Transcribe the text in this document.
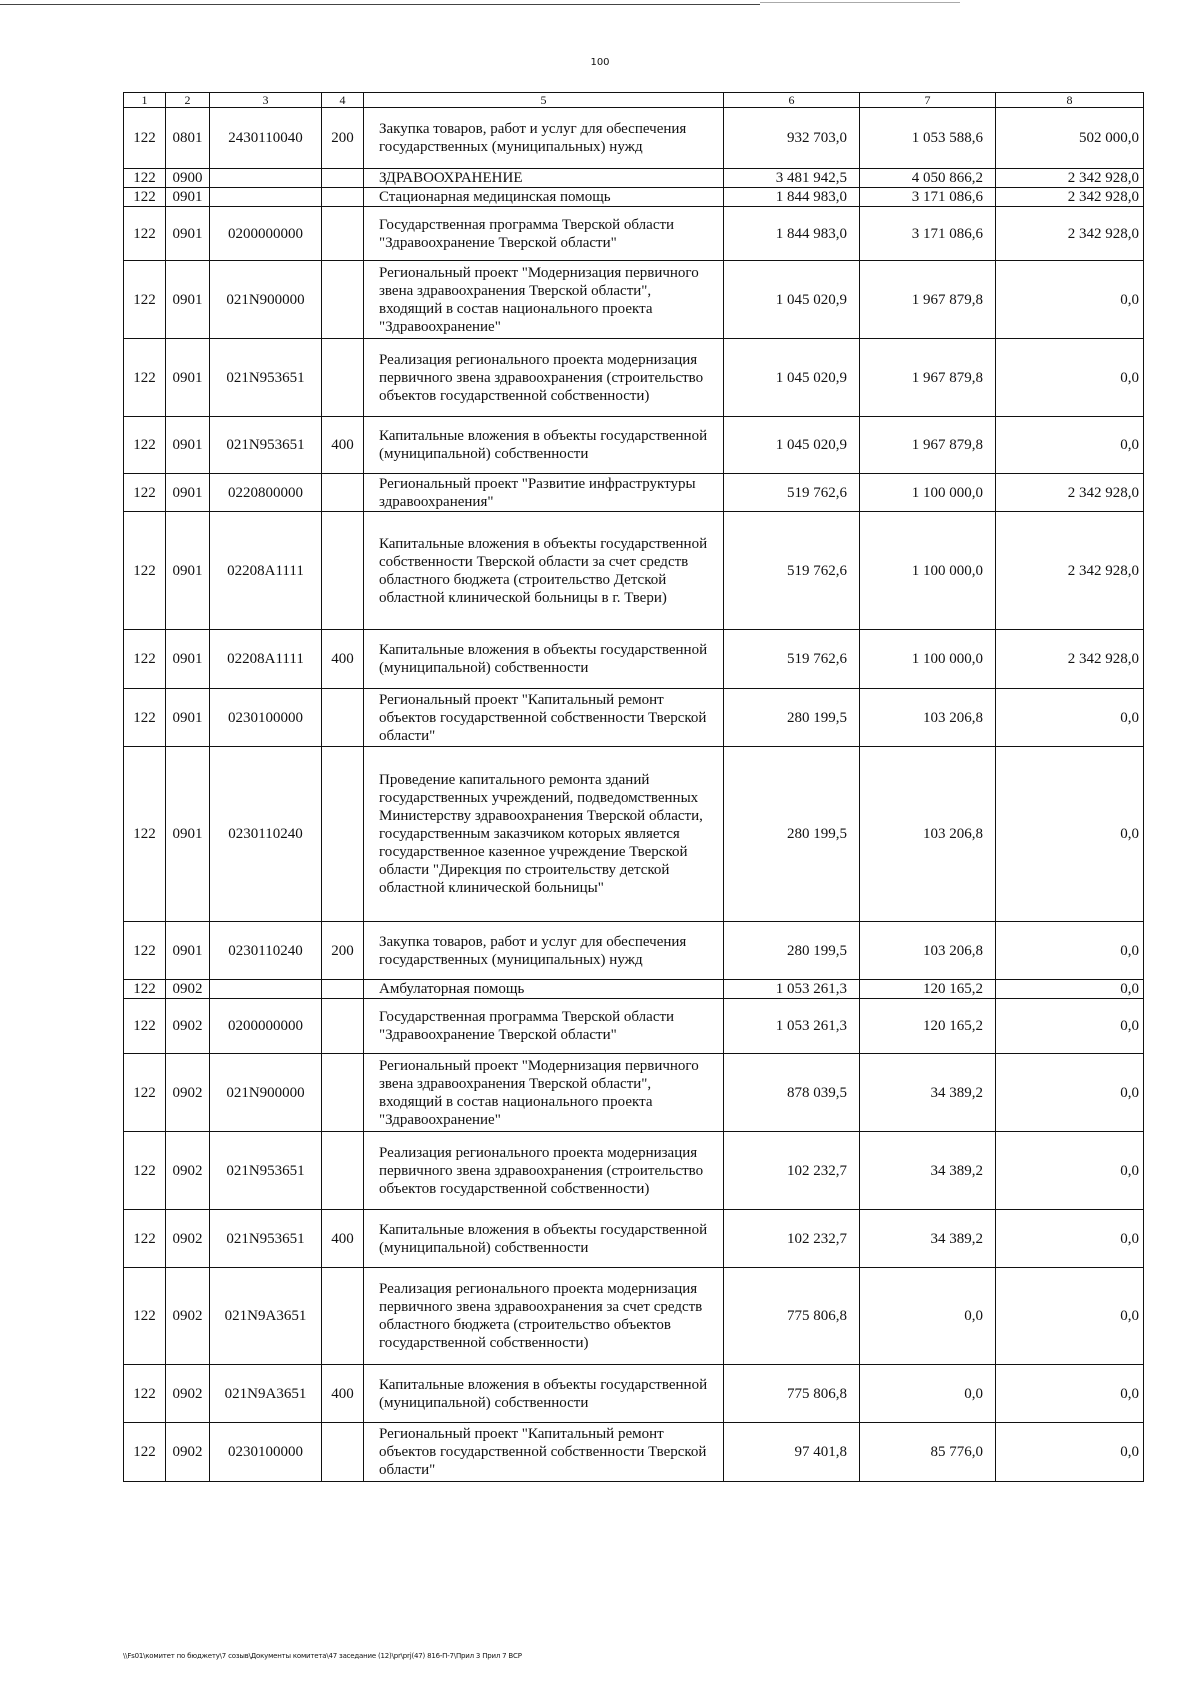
100
1	2	3	4	5	6	7	8
122	0801	2430110040	200	Закупка товаров, работ и услуг для обеспечения государственных (муниципальных) нужд	932 703,0	1 053 588,6	502 000,0
122	0900			ЗДРАВООХРАНЕНИЕ	3 481 942,5	4 050 866,2	2 342 928,0
122	0901			Стационарная медицинская помощь	1 844 983,0	3 171 086,6	2 342 928,0
122	0901	0200000000		Государственная программа Тверской области "Здравоохранение Тверской области"	1 844 983,0	3 171 086,6	2 342 928,0
122	0901	021N900000		Региональный проект "Модернизация первичного звена здравоохранения Тверской области", входящий в состав национального проекта "Здравоохранение"	1 045 020,9	1 967 879,8	0,0
122	0901	021N953651		Реализация регионального проекта модернизация первичного звена здравоохранения (строительство объектов государственной собственности)	1 045 020,9	1 967 879,8	0,0
122	0901	021N953651	400	Капитальные вложения в объекты государственной (муниципальной) собственности	1 045 020,9	1 967 879,8	0,0
122	0901	0220800000		Региональный проект "Развитие инфраструктуры здравоохранения"	519 762,6	1 100 000,0	2 342 928,0
122	0901	02208A1111		Капитальные вложения в объекты государственной собственности Тверской области за счет средств областного бюджета (строительство Детской областной клинической больницы в г. Твери)	519 762,6	1 100 000,0	2 342 928,0
122	0901	02208A1111	400	Капитальные вложения в объекты государственной (муниципальной) собственности	519 762,6	1 100 000,0	2 342 928,0
122	0901	0230100000		Региональный проект "Капитальный ремонт объектов государственной собственности Тверской области"	280 199,5	103 206,8	0,0
122	0901	0230110240		Проведение капитального ремонта зданий государственных учреждений, подведомственных Министерству здравоохранения Тверской области, государственным заказчиком которых является государственное казенное учреждение Тверской области "Дирекция по строительству детской областной клинической больницы"	280 199,5	103 206,8	0,0
122	0901	0230110240	200	Закупка товаров, работ и услуг для обеспечения государственных (муниципальных) нужд	280 199,5	103 206,8	0,0
122	0902			Амбулаторная помощь	1 053 261,3	120 165,2	0,0
122	0902	0200000000		Государственная программа Тверской области "Здравоохранение Тверской области"	1 053 261,3	120 165,2	0,0
122	0902	021N900000		Региональный проект "Модернизация первичного звена здравоохранения Тверской области", входящий в состав национального проекта "Здравоохранение"	878 039,5	34 389,2	0,0
122	0902	021N953651		Реализация регионального проекта модернизация первичного звена здравоохранения (строительство объектов государственной собственности)	102 232,7	34 389,2	0,0
122	0902	021N953651	400	Капитальные вложения в объекты государственной (муниципальной) собственности	102 232,7	34 389,2	0,0
122	0902	021N9A3651		Реализация регионального проекта модернизация первичного звена здравоохранения за счет средств областного бюджета (строительство объектов государственной собственности)	775 806,8	0,0	0,0
122	0902	021N9A3651	400	Капитальные вложения в объекты государственной (муниципальной) собственности	775 806,8	0,0	0,0
122	0902	0230100000		Региональный проект "Капитальный ремонт объектов государственной собственности Тверской области"	97 401,8	85 776,0	0,0
\\Fs01\комитет по бюджету\7 созыв\Документы комитета\47 заседание (12)\pr\prj(47) 816-П-7\Прил 3 Прил 7 ВСР
